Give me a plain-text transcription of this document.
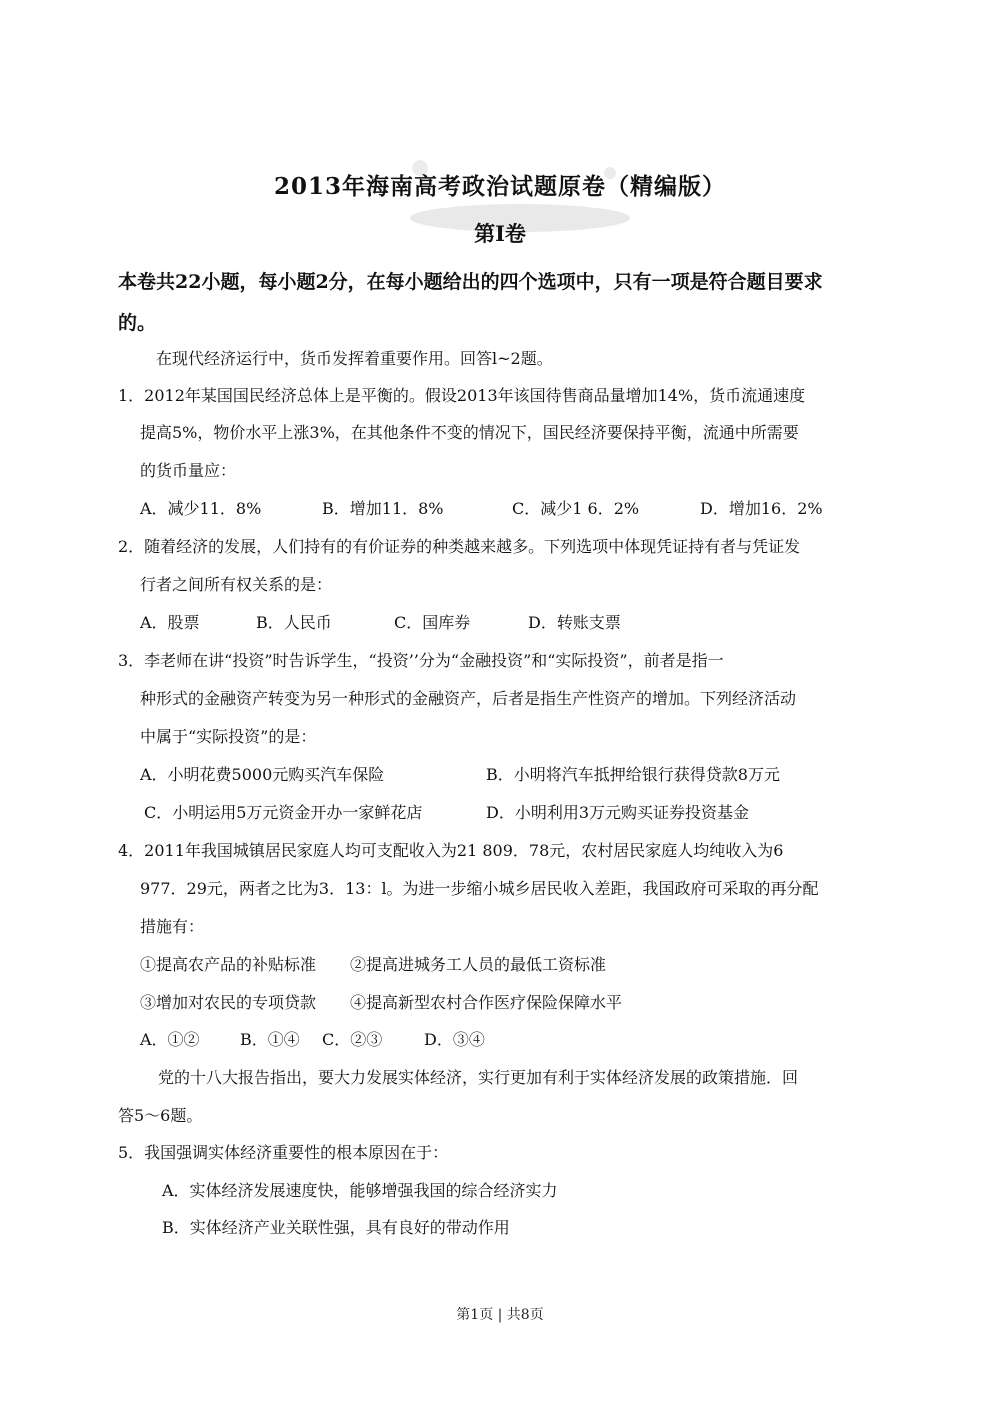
2013年海南高考政治试题原卷（精编版）
第I卷
本卷共22小题，每小题2分，在每小题给出的四个选项中，只有一项是符合题目要求
的。
在现代经济运行中，货币发挥着重要作用。回答l~2题。
1．2012年某国国民经济总体上是平衡的。假设2013年该国待售商品量增加14%，货币流通速度
提高5%，物价水平上涨3%，在其他条件不变的情况下，国民经济要保持平衡，流通中所需要
的货币量应：
A．减少11．8%	B．增加11．8%	C．减少1 6．2%	D．增加16．2%
2．随着经济的发展，人们持有的有价证券的种类越来越多。下列选项中体现凭证持有者与凭证发
行者之间所有权关系的是：
A．股票	B．人民币	C．国库券	D．转账支票
3．李老师在讲“投资”时告诉学生，“投资’’分为“金融投资”和“实际投资”，前者是指一
种形式的金融资产转变为另一种形式的金融资产，后者是指生产性资产的增加。下列经济活动
中属于“实际投资”的是：
A．小明花费5000元购买汽车保险	B．小明将汽车抵押给银行获得贷款8万元
C．小明运用5万元资金开办一家鲜花店	D．小明利用3万元购买证券投资基金
4．2011年我国城镇居民家庭人均可支配收入为21 809．78元，农村居民家庭人均纯收入为6
977．29元，两者之比为3．13：l。为进一步缩小城乡居民收入差距，我国政府可采取的再分配
措施有：
①提高农产品的补贴标准 ②提高进城务工人员的最低工资标准
③增加对农民的专项贷款 ④提高新型农村合作医疗保险保障水平
A．①②	B．①④ C．②③	D．③④
党的十八大报告指出，要大力发展实体经济，实行更加有利于实体经济发展的政策措施．回
答5～6题。
5．我国强调实体经济重要性的根本原因在于：
A．实体经济发展速度快，能够增强我国的综合经济实力
B．实体经济产业关联性强，具有良好的带动作用
第1页 | 共8页
